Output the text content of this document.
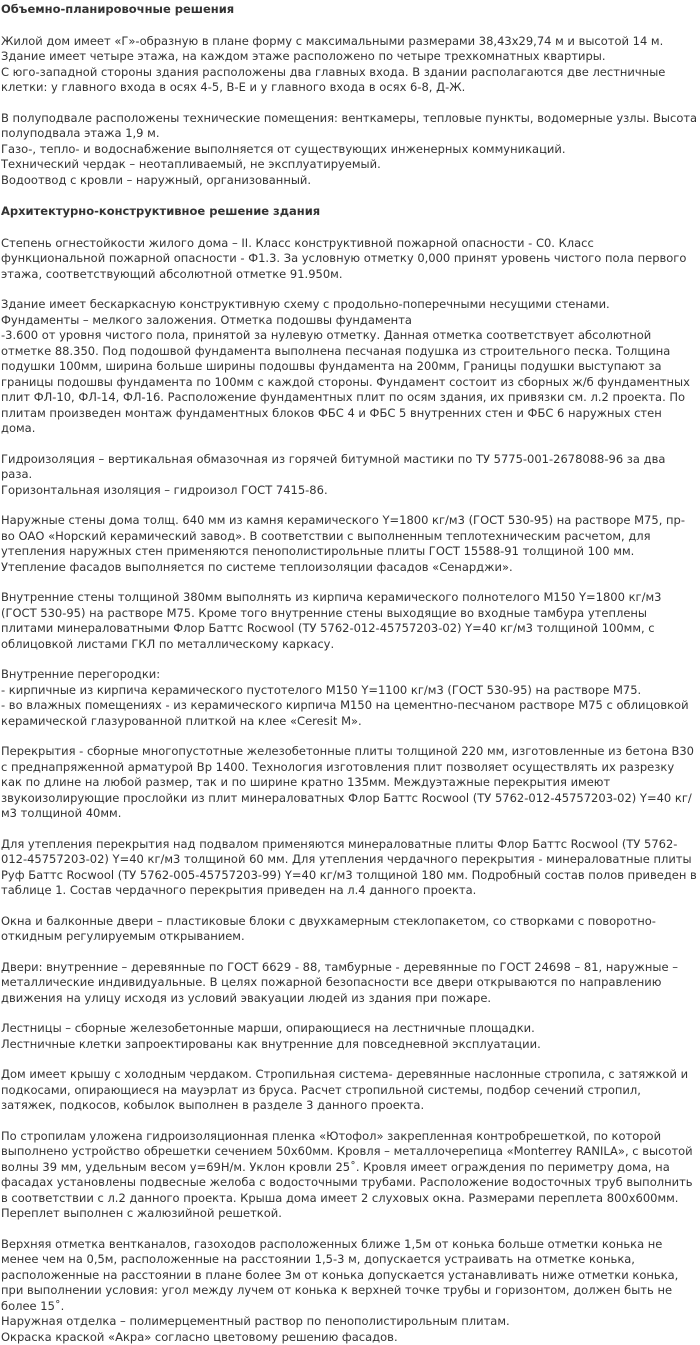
Объемно-планировочные решения
Жилой дом имеет «Г»-образную в плане форму с максимальными размерами 38,43х29,74 м и высотой 14 м.
Здание имеет четыре этажа, на каждом этаже расположено по четыре трехкомнатных квартиры.
С юго-западной стороны здания расположены два главных входа. В здании располагаются две лестничные клетки: у главного входа в осях 4-5, В-Е и у главного входа в осях 6-8, Д-Ж.
В полуподвале расположены технические помещения: венткамеры, тепловые пункты, водомерные узлы. Высота полуподвала этажа 1,9 м.
Газо-, тепло- и водоснабжение выполняется от существующих инженерных коммуникаций.
Технический чердак – неотапливаемый, не эксплуатируемый.
Водоотвод с кровли – наружный, организованный.
Архитектурно-конструктивное решение здания
Степень огнестойкости жилого дома – II. Класс конструктивной пожарной опасности - С0. Класс функциональной пожарной опасности - Ф1.3. За условную отметку 0,000 принят уровень чистого пола первого этажа, соответствующий абсолютной отметке 91.950м.
Здание имеет бескаркасную конструктивную схему с продольно-поперечными несущими стенами.
Фундаменты – мелкого заложения. Отметка подошвы фундамента
-3.600 от уровня чистого пола, принятой за нулевую отметку. Данная отметка соответствует абсолютной отметке 88.350. Под подошвой фундамента выполнена песчаная подушка из строительного песка. Толщина подушки 100мм, ширина больше ширины подошвы фундамента на 200мм, Границы подушки выступают за границы подошвы фундамента по 100мм с каждой стороны. Фундамент состоит из сборных ж/б фундаментных плит ФЛ-10, ФЛ-14, ФЛ-16. Расположение фундаментных плит по осям здания, их привязки см. л.2 проекта. По плитам произведен монтаж фундаментных блоков ФБС 4 и ФБС 5 внутренних стен и ФБС 6 наружных стен дома.
Гидроизоляция – вертикальная обмазочная из горячей битумной мастики по ТУ 5775-001-2678088-96 за два раза.
Горизонтальная изоляция – гидроизол ГОСТ 7415-86.
Наружные стены дома толщ. 640 мм из камня керамического Y=1800 кг/м3 (ГОСТ 530-95) на растворе М75, пр-во ОАО «Норский керамический завод». В соответствии с выполненным теплотехническим расчетом, для утепления наружных стен применяются пенополистирольные плиты ГОСТ 15588-91 толщиной 100 мм. Утепление фасадов выполняется по системе теплоизоляции фасадов «Сенарджи».
Внутренние стены толщиной 380мм выполнять из кирпича керамического полнотелого М150 Y=1800 кг/м3 (ГОСТ 530-95) на растворе М75. Кроме того внутренние стены выходящие во входные тамбура утеплены плитами минераловатными Флор Баттс Rocwool (ТУ 5762-012-45757203-02) Y=40 кг/м3 толщиной 100мм, с облицовкой листами ГКЛ по металлическому каркасу.
Внутренние перегородки:
- кирпичные из кирпича керамического пустотелого М150 Y=1100 кг/м3 (ГОСТ 530-95) на растворе М75.
- во влажных помещениях - из керамического кирпича М150 на цементно-песчаном растворе М75 с облицовкой керамической глазурованной плиткой на клее «Ceresit M».
Перекрытия - сборные многопустотные железобетонные плиты толщиной 220 мм, изготовленные из бетона В30 с преднапряженной арматурой Вр 1400. Технология изготовления плит позволяет осуществлять их разрезку как по длине на любой размер, так и по ширине кратно 135мм. Междуэтажные перекрытия имеют звукоизолирующие прослойки из плит минераловатных Флор Баттс Rocwool (ТУ 5762-012-45757203-02) Y=40 кг/м3 толщиной 40мм.
Для утепления перекрытия над подвалом применяются минераловатные плиты Флор Баттс Rocwool (ТУ 5762-012-45757203-02) Y=40 кг/м3 толщиной 60 мм. Для утепления чердачного перекрытия - минераловатные плиты Руф Баттс Rocwool (ТУ 5762-005-45757203-99) Y=40 кг/м3 толщиной 180 мм. Подробный состав полов приведен в таблице 1. Состав чердачного перекрытия приведен на л.4 данного проекта.
Окна и балконные двери – пластиковые блоки с двухкамерным стеклопакетом, со створками с поворотно- откидным регулируемым открыванием.
Двери: внутренние – деревянные по ГОСТ 6629 - 88, тамбурные - деревянные по ГОСТ 24698 – 81, наружные – металлические индивидуальные. В целях пожарной безопасности все двери открываются по направлению движения на улицу исходя из условий эвакуации людей из здания при пожаре.
Лестницы – сборные железобетонные марши, опирающиеся на лестничные площадки.
Лестничные клетки запроектированы как внутренние для повседневной эксплуатации.
Дом имеет крышу с холодным чердаком. Стропильная система- деревянные наслонные стропила, с затяжкой и подкосами, опирающиеся на мауэрлат из бруса. Расчет стропильной системы, подбор сечений стропил, затяжек, подкосов, кобылок выполнен в разделе 3 данного проекта.
По стропилам уложена гидроизоляционная пленка «Ютофол» закрепленная контробрешеткой, по которой выполнено устройство обрешетки сечением 50х60мм. Кровля – металлочерепица «Monterrey RANILA», с высотой волны 39 мм, удельным весом у=69Н/м. Уклон кровли 25˚. Кровля имеет ограждения по периметру дома, на фасадах установлены подвесные желоба с водосточными трубами. Расположение водосточных труб выполнить в соответствии с л.2 данного проекта. Крыша дома имеет 2 слуховых окна. Размерами переплета 800х600мм. Переплет выполнен с жалюзийной решеткой.
Верхняя отметка вентканалов, газоходов расположенных ближе 1,5м от конька больше отметки конька не менее чем на 0,5м, расположенные на расстоянии 1,5-3 м, допускается устраивать на отметке конька, расположенные на расстоянии в плане более 3м от конька допускается устанавливать ниже отметки конька, при выполнении условия: угол между лучем от конька к верхней точке трубы и горизонтом, должен быть не более 15˚.
Наружная отделка – полимерцементный раствор по пенополистирольным плитам.
Окраска краской «Акра» согласно цветовому решению фасадов.
